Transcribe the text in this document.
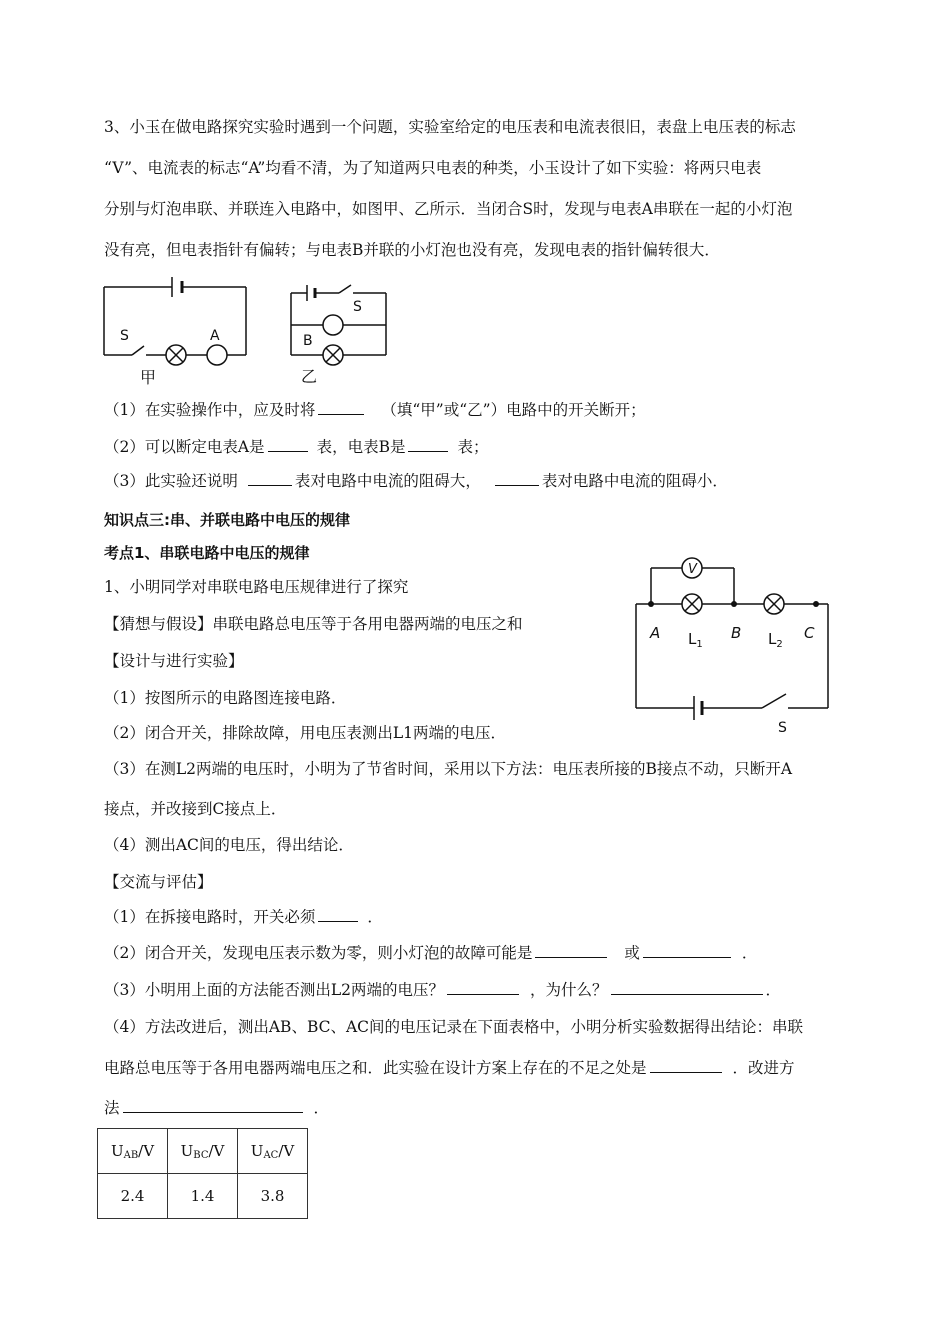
3、小玉在做电路探究实验时遇到一个问题，实验室给定的电压表和电流表很旧，表盘上电压表的标志
“V”、电流表的标志“A”均看不清，为了知道两只电表的种类，小玉设计了如下实验：将两只电表
分别与灯泡串联、并联连入电路中，如图甲、乙所示．当闭合S时，发现与电表A串联在一起的小灯泡
没有亮，但电表指针有偏转；与电表B并联的小灯泡也没有亮，发现电表的指针偏转很大．
S	A
甲
S
B
乙
（1）在实验操作中，应及时将	（填“甲”或“乙”）电路中的开关断开；
（2）可以断定电表A是	表，电表B是	表；
（3）此实验还说明	表对电路中电流的阻碍大，	表对电路中电流的阻碍小．
知识点三:串、并联电路中电压的规律
考点1、串联电路中电压的规律
1、小明同学对串联电路电压规律进行了探究
【猜想与假设】串联电路总电压等于各用电器两端的电压之和
【设计与进行实验】
（1）按图所示的电路图连接电路．
（2）闭合开关，排除故障，用电压表测出L1两端的电压．
（3）在测L2两端的电压时，小明为了节省时间，采用以下方法：电压表所接的B接点不动，只断开A
接点，并改接到C接点上．
（4）测出AC间的电压，得出结论．
【交流与评估】
（1）在拆接电路时，开关必须	．
（2）闭合开关，发现电压表示数为零，则小灯泡的故障可能是	或	．
（3）小明用上面的方法能否测出L2两端的电压？	，为什么？	．
（4）方法改进后，测出AB、BC、AC间的电压记录在下面表格中，小明分析实验数据得出结论：串联
电路总电压等于各用电器两端电压之和．此实验在设计方案上存在的不足之处是	．改进方
法	．
V
A	B	C
$L_1$	$L_2$
S
$U_{AB}/V$	$U_{BC}/V$	$U_{AC}/V$
2.4	1.4	3.8
